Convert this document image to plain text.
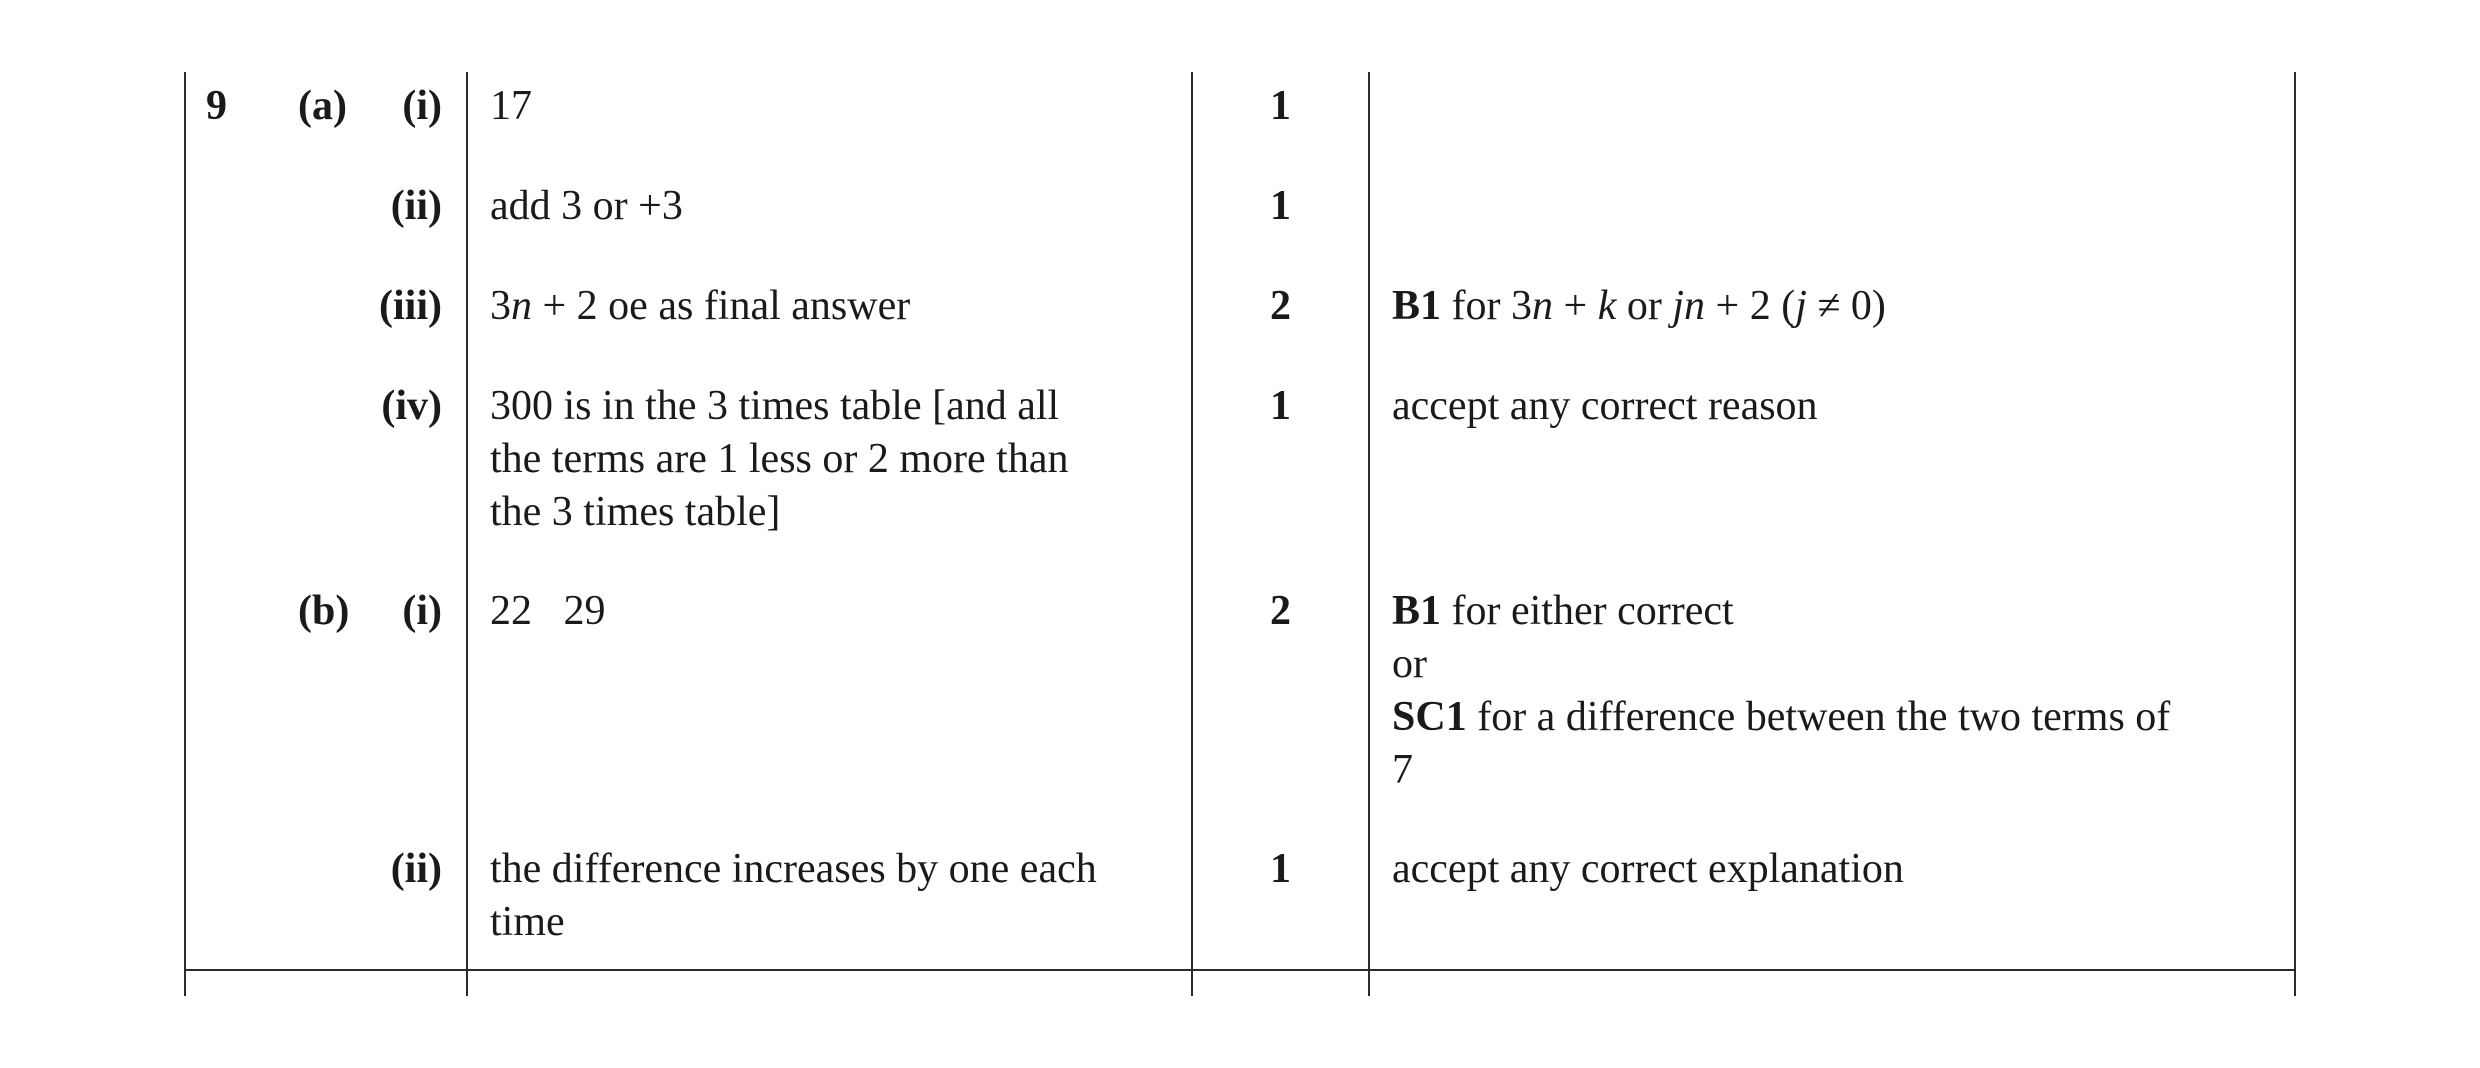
9 (a)	(i) 17	1
(ii) add 3 or +3	1
(iii) 3n + 2 oe as final answer	2	B1 for 3n + k or jn + 2 (j ≠ 0)
(iv) 300 is in the 3 times table [and all
the terms are 1 less or 2 more than
the 3 times table]
1	accept any correct reason
(b)	(i) 22   29	2	B1 for either correct
or
SC1 for a difference between the two terms of
7
(ii) the difference increases by one each
time
1	accept any correct explanation
